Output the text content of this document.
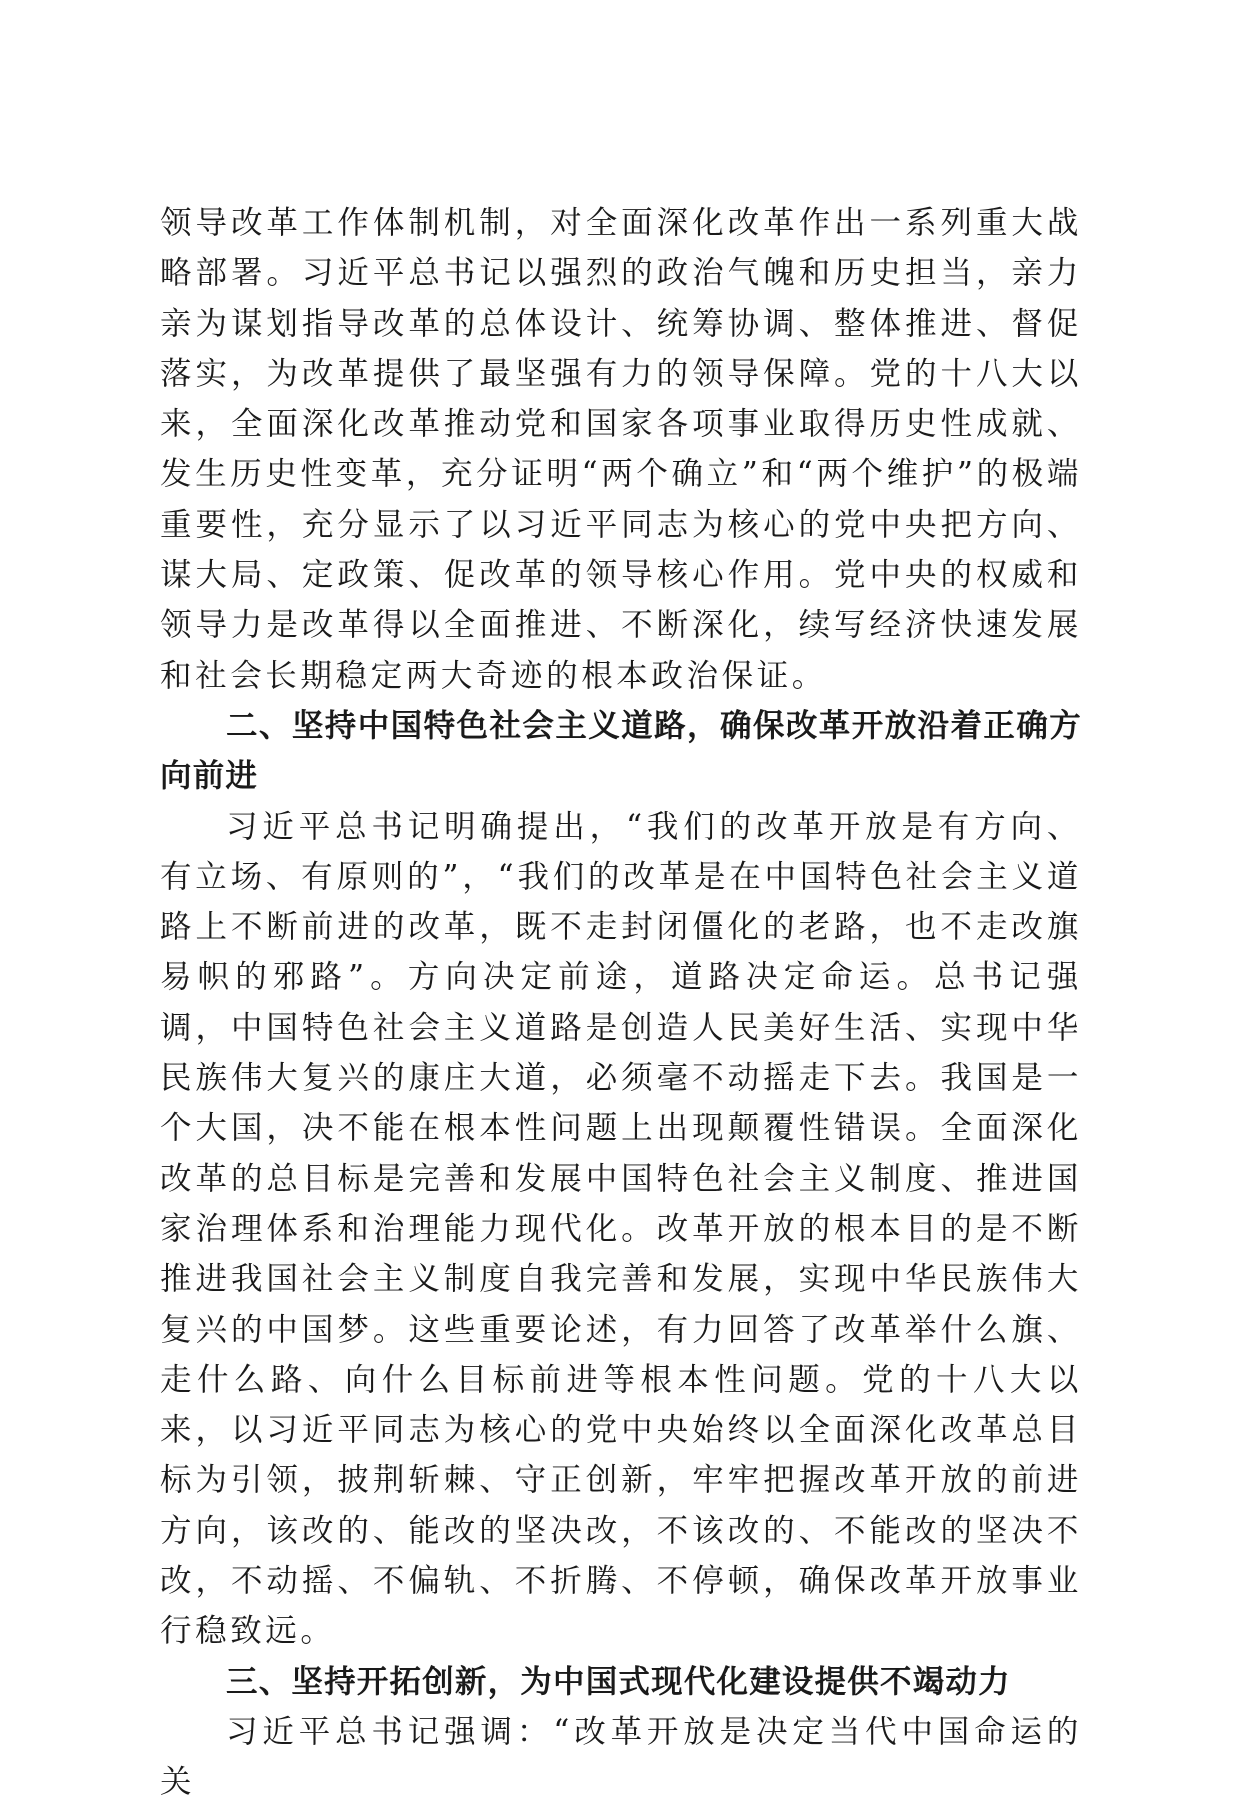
领导改革工作体制机制，对全面深化改革作出一系列重大战略部署。习近平总书记以强烈的政治气魄和历史担当，亲力亲为谋划指导改革的总体设计、统筹协调、整体推进、督促落实，为改革提供了最坚强有力的领导保障。党的十八大以来，全面深化改革推动党和国家各项事业取得历史性成就、发生历史性变革，充分证明“两个确立”和“两个维护”的极端重要性，充分显示了以习近平同志为核心的党中央把方向、谋大局、定政策、促改革的领导核心作用。党中央的权威和领导力是改革得以全面推进、不断深化，续写经济快速发展和社会长期稳定两大奇迹的根本政治保证。

二、坚持中国特色社会主义道路，确保改革开放沿着正确方向前进

习近平总书记明确提出，“我们的改革开放是有方向、有立场、有原则的”，“我们的改革是在中国特色社会主义道路上不断前进的改革，既不走封闭僵化的老路，也不走改旗易帜的邪路”。方向决定前途，道路决定命运。总书记强调，中国特色社会主义道路是创造人民美好生活、实现中华民族伟大复兴的康庄大道，必须毫不动摇走下去。我国是一个大国，决不能在根本性问题上出现颠覆性错误。全面深化改革的总目标是完善和发展中国特色社会主义制度、推进国家治理体系和治理能力现代化。改革开放的根本目的是不断推进我国社会主义制度自我完善和发展，实现中华民族伟大复兴的中国梦。这些重要论述，有力回答了改革举什么旗、走什么路、向什么目标前进等根本性问题。党的十八大以来，以习近平同志为核心的党中央始终以全面深化改革总目标为引领，披荆斩棘、守正创新，牢牢把握改革开放的前进方向，该改的、能改的坚决改，不该改的、不能改的坚决不改，不动摇、不偏轨、不折腾、不停顿，确保改革开放事业行稳致远。

三、坚持开拓创新，为中国式现代化建设提供不竭动力

习近平总书记强调：“改革开放是决定当代中国命运的关
